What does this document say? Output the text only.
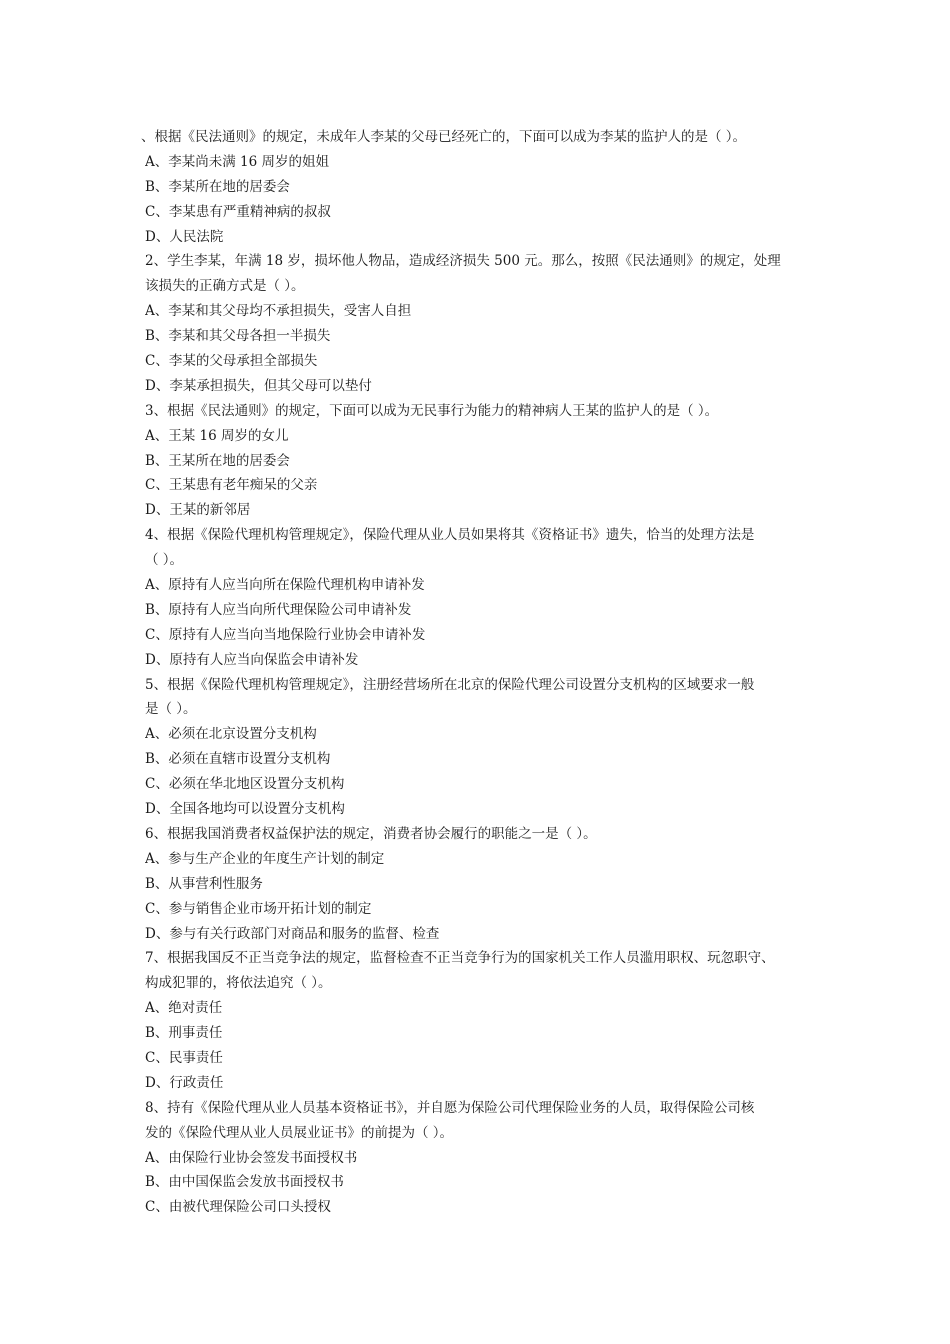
、根据《民法通则》的规定，未成年人李某的父母已经死亡的，下面可以成为李某的监护人的是（ ）。
A、李某尚未满 16 周岁的姐姐
B、李某所在地的居委会
C、李某患有严重精神病的叔叔
D、人民法院
2、学生李某，年满 18 岁，损坏他人物品，造成经济损失 500 元。那么，按照《民法通则》的规定，处理
该损失的正确方式是（ ）。
A、李某和其父母均不承担损失，受害人自担
B、李某和其父母各担一半损失
C、李某的父母承担全部损失
D、李某承担损失，但其父母可以垫付
3、根据《民法通则》的规定，下面可以成为无民事行为能力的精神病人王某的监护人的是（ ）。
A、王某 16 周岁的女儿
B、王某所在地的居委会
C、王某患有老年痴呆的父亲
D、王某的新邻居
4、根据《保险代理机构管理规定》，保险代理从业人员如果将其《资格证书》遗失，恰当的处理方法是
（ ）。
A、原持有人应当向所在保险代理机构申请补发
B、原持有人应当向所代理保险公司申请补发
C、原持有人应当向当地保险行业协会申请补发
D、原持有人应当向保监会申请补发
5、根据《保险代理机构管理规定》，注册经营场所在北京的保险代理公司设置分支机构的区域要求一般
是（ ）。
A、必须在北京设置分支机构
B、必须在直辖市设置分支机构
C、必须在华北地区设置分支机构
D、全国各地均可以设置分支机构
6、根据我国消费者权益保护法的规定，消费者协会履行的职能之一是（ ）。
A、参与生产企业的年度生产计划的制定
B、从事营利性服务
C、参与销售企业市场开拓计划的制定
D、参与有关行政部门对商品和服务的监督、检查
7、根据我国反不正当竞争法的规定，监督检查不正当竞争行为的国家机关工作人员滥用职权、玩忽职守、
构成犯罪的，将依法追究（ ）。
A、绝对责任
B、刑事责任
C、民事责任
D、行政责任
8、持有《保险代理从业人员基本资格证书》，并自愿为保险公司代理保险业务的人员，取得保险公司核
发的《保险代理从业人员展业证书》的前提为（ ）。
A、由保险行业协会签发书面授权书
B、由中国保监会发放书面授权书
C、由被代理保险公司口头授权
